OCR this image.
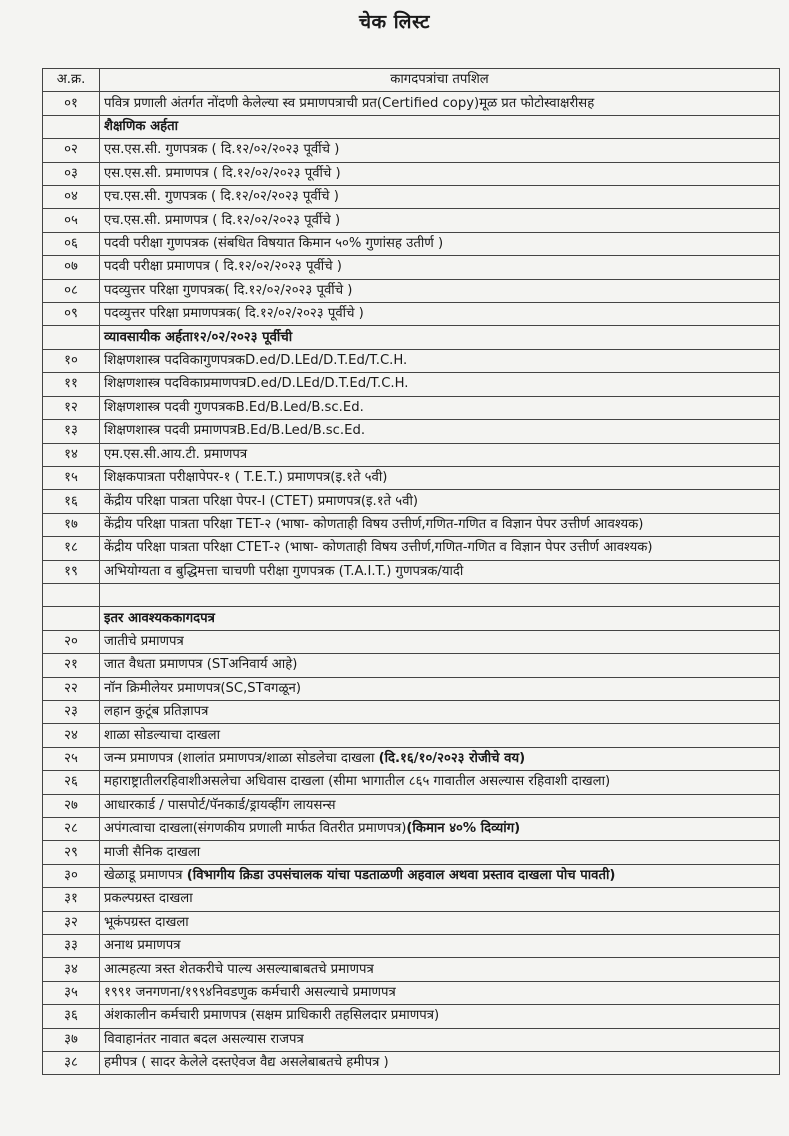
चेक लिस्ट
अ.क्र.	कागदपत्रांचा तपशिल
०१	पवित्र प्रणाली अंतर्गत नोंदणी केलेल्या स्व प्रमाणपत्राची प्रत(Certified copy)मूळ प्रत फोटोस्वाक्षरीसह
	शैक्षणिक अर्हता
०२	एस.एस.सी. गुणपत्रक ( दि.१२/०२/२०२३ पूर्वीचे )
०३	एस.एस.सी. प्रमाणपत्र ( दि.१२/०२/२०२३ पूर्वीचे )
०४	एच.एस.सी. गुणपत्रक ( दि.१२/०२/२०२३ पूर्वीचे )
०५	एच.एस.सी. प्रमाणपत्र ( दि.१२/०२/२०२३ पूर्वीचे )
०६	पदवी परीक्षा गुणपत्रक (संबधित विषयात किमान ५०% गुणांसह उतीर्ण )
०७	पदवी परीक्षा प्रमाणपत्र ( दि.१२/०२/२०२३ पूर्वीचे )
०८	पदव्युत्तर परिक्षा गुणपत्रक( दि.१२/०२/२०२३ पूर्वीचे )
०९	पदव्युत्तर परिक्षा प्रमाणपत्रक( दि.१२/०२/२०२३ पूर्वीचे )
	व्यावसायीक अर्हता१२/०२/२०२३ पूर्वीची
१०	शिक्षणशास्त्र पदविकागुणपत्रकD.ed/D.LEd/D.T.Ed/T.C.H.
११	शिक्षणशास्त्र पदविकाप्रमाणपत्रD.ed/D.LEd/D.T.Ed/T.C.H.
१२	शिक्षणशास्त्र पदवी गुणपत्रकB.Ed/B.Led/B.sc.Ed.
१३	शिक्षणशास्त्र पदवी प्रमाणपत्रB.Ed/B.Led/B.sc.Ed.
१४	एम.एस.सी.आय.टी. प्रमाणपत्र
१५	शिक्षकपात्रता परीक्षापेपर-१ ( T.E.T.) प्रमाणपत्र(इ.१ते ५वी)
१६	केंद्रीय परिक्षा पात्रता परिक्षा पेपर-I (CTET) प्रमाणपत्र(इ.१ते ५वी)
१७	केंद्रीय परिक्षा पात्रता परिक्षा TET-२ (भाषा- कोणताही विषय उत्तीर्ण,गणित-गणित व विज्ञान पेपर उत्तीर्ण आवश्यक)
१८	केंद्रीय परिक्षा पात्रता परिक्षा CTET-२ (भाषा- कोणताही विषय उत्तीर्ण,गणित-गणित व विज्ञान पेपर उत्तीर्ण आवश्यक)
१९	अभियोग्यता व बुद्धिमत्ता चाचणी परीक्षा गुणपत्रक (T.A.I.T.) गुणपत्रक/यादी

	इतर आवश्यककागदपत्र
२०	जातीचे प्रमाणपत्र
२१	जात वैधता प्रमाणपत्र (STअनिवार्य आहे)
२२	नॉन क्रिमीलेयर प्रमाणपत्र(SC,STवगळून)
२३	लहान कुटूंब प्रतिज्ञापत्र
२४	शाळा सोडल्याचा दाखला
२५	जन्म प्रमाणपत्र (शालांत प्रमाणपत्र/शाळा सोडलेचा दाखला (दि.१६/१०/२०२३ रोजीचे वय)
२६	महाराष्ट्रातीलरहिवाशीअसलेचा अधिवास दाखला (सीमा भागातील ८६५ गावातील असल्यास रहिवाशी दाखला)
२७	आधारकार्ड / पासपोर्ट/पॅनकार्ड/ड्रायव्हींग लायसन्स
२८	अपंगत्वाचा दाखला(संगणकीय प्रणाली मार्फत वितरीत प्रमाणपत्र)(किमान ४०% दिव्यांग)
२९	माजी सैनिक दाखला
३०	खेळाडू प्रमाणपत्र (विभागीय क्रिडा उपसंचालक यांचा पडताळणी अहवाल अथवा प्रस्ताव दाखला पोच पावती)
३१	प्रकल्पग्रस्त दाखला
३२	भूकंपग्रस्त दाखला
३३	अनाथ प्रमाणपत्र
३४	आत्महत्या त्रस्त शेतकरीचे पाल्य असल्याबाबतचे प्रमाणपत्र
३५	१९९१ जनगणना/१९९४निवडणुक कर्मचारी असल्याचे प्रमाणपत्र
३६	अंशकालीन कर्मचारी प्रमाणपत्र (सक्षम प्राधिकारी तहसिलदार प्रमाणपत्र)
३७	विवाहानंतर नावात बदल असल्यास राजपत्र
३८	हमीपत्र ( सादर केलेले दस्तऐवज वैद्य असलेबाबतचे हमीपत्र )
